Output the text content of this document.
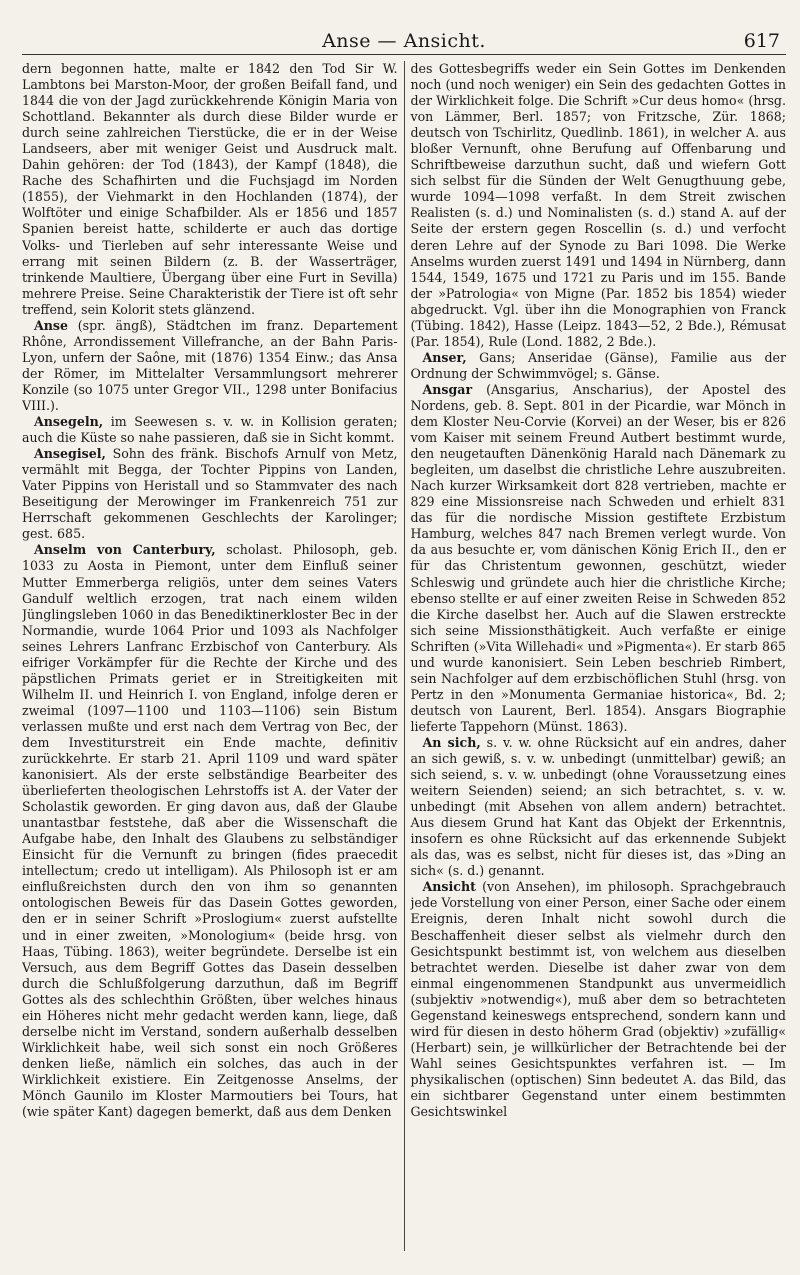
Anse — Ansicht.	617

dern begonnen hatte, malte er 1842 den Tod Sir W. Lambtons bei Marston-Moor, der großen Beifall fand, und 1844 die von der Jagd zurückkehrende Königin Maria von Schottland. Bekannter als durch diese Bilder wurde er durch seine zahlreichen Tierstücke, die er in der Weise Landseers, aber mit weniger Geist und Ausdruck malt. Dahin gehören: der Tod (1843), der Kampf (1848), die Rache des Schafhirten und die Fuchsjagd im Norden (1855), der Viehmarkt in den Hochlanden (1874), der Wolftöter und einige Schafbilder. Als er 1856 und 1857 Spanien bereist hatte, schilderte er auch das dortige Volks- und Tierleben auf sehr interessante Weise und errang mit seinen Bildern (z. B. der Wasserträger, trinkende Maultiere, Übergang über eine Furt in Sevilla) mehrere Preise. Seine Charakteristik der Tiere ist oft sehr treffend, sein Kolorit stets glänzend.

Anse (spr. ängß), Städtchen im franz. Departement Rhône, Arrondissement Villefranche, an der Bahn Paris-Lyon, unfern der Saône, mit (1876) 1354 Einw.; das Ansa der Römer, im Mittelalter Versammlungsort mehrerer Konzile (so 1075 unter Gregor VII., 1298 unter Bonifacius VIII.).

Ansegeln, im Seewesen s. v. w. in Kollision geraten; auch die Küste so nahe passieren, daß sie in Sicht kommt.

Ansegisel, Sohn des fränk. Bischofs Arnulf von Metz, vermählt mit Begga, der Tochter Pippins von Landen, Vater Pippins von Heristall und so Stammvater des nach Beseitigung der Merowinger im Frankenreich 751 zur Herrschaft gekommenen Geschlechts der Karolinger; gest. 685.

Anselm von Canterbury, scholast. Philosoph, geb. 1033 zu Aosta in Piemont, unter dem Einfluß seiner Mutter Emmerberga religiös, unter dem seines Vaters Gandulf weltlich erzogen, trat nach einem wilden Jünglingsleben 1060 in das Benediktinerkloster Bec in der Normandie, wurde 1064 Prior und 1093 als Nachfolger seines Lehrers Lanfranc Erzbischof von Canterbury. Als eifriger Vorkämpfer für die Rechte der Kirche und des päpstlichen Primats geriet er in Streitigkeiten mit Wilhelm II. und Heinrich I. von England, infolge deren er zweimal (1097—1100 und 1103—1106) sein Bistum verlassen mußte und erst nach dem Vertrag von Bec, der dem Investiturstreit ein Ende machte, definitiv zurückkehrte. Er starb 21. April 1109 und ward später kanonisiert. Als der erste selbständige Bearbeiter des überlieferten theologischen Lehrstoffs ist A. der Vater der Scholastik geworden. Er ging davon aus, daß der Glaube unantastbar feststehe, daß aber die Wissenschaft die Aufgabe habe, den Inhalt des Glaubens zu selbständiger Einsicht für die Vernunft zu bringen (fides praecedit intellectum; credo ut intelligam). Als Philosoph ist er am einflußreichsten durch den von ihm so genannten ontologischen Beweis für das Dasein Gottes geworden, den er in seiner Schrift »Proslogium« zuerst aufstellte und in einer zweiten, »Monologium« (beide hrsg. von Haas, Tübing. 1863), weiter begründete. Derselbe ist ein Versuch, aus dem Begriff Gottes das Dasein desselben durch die Schlußfolgerung darzuthun, daß im Begriff Gottes als des schlechthin Größten, über welches hinaus ein Höheres nicht mehr gedacht werden kann, liege, daß derselbe nicht im Verstand, sondern außerhalb desselben Wirklichkeit habe, weil sich sonst ein noch Größeres denken ließe, nämlich ein solches, das auch in der Wirklichkeit existiere. Ein Zeitgenosse Anselms, der Mönch Gaunilo im Kloster Marmoutiers bei Tours, hat (wie später Kant) dagegen bemerkt, daß aus dem Denken

des Gottesbegriffs weder ein Sein Gottes im Denkenden noch (und noch weniger) ein Sein des gedachten Gottes in der Wirklichkeit folge. Die Schrift »Cur deus homo« (hrsg. von Lämmer, Berl. 1857; von Fritzsche, Zür. 1868; deutsch von Tschirlitz, Quedlinb. 1861), in welcher A. aus bloßer Vernunft, ohne Berufung auf Offenbarung und Schriftbeweise darzuthun sucht, daß und wiefern Gott sich selbst für die Sünden der Welt Genugthuung gebe, wurde 1094—1098 verfaßt. In dem Streit zwischen Realisten (s. d.) und Nominalisten (s. d.) stand A. auf der Seite der erstern gegen Roscellin (s. d.) und verfocht deren Lehre auf der Synode zu Bari 1098. Die Werke Anselms wurden zuerst 1491 und 1494 in Nürnberg, dann 1544, 1549, 1675 und 1721 zu Paris und im 155. Bande der »Patrologia« von Migne (Par. 1852 bis 1854) wieder abgedruckt. Vgl. über ihn die Monographien von Franck (Tübing. 1842), Hasse (Leipz. 1843—52, 2 Bde.), Rémusat (Par. 1854), Rule (Lond. 1882, 2 Bde.).

Anser, Gans; Anseridae (Gänse), Familie aus der Ordnung der Schwimmvögel; s. Gänse.

Ansgar (Ansgarius, Anscharius), der Apostel des Nordens, geb. 8. Sept. 801 in der Picardie, war Mönch in dem Kloster Neu-Corvie (Korvei) an der Weser, bis er 826 vom Kaiser mit seinem Freund Autbert bestimmt wurde, den neugetauften Dänenkönig Harald nach Dänemark zu begleiten, um daselbst die christliche Lehre auszubreiten. Nach kurzer Wirksamkeit dort 828 vertrieben, machte er 829 eine Missionsreise nach Schweden und erhielt 831 das für die nordische Mission gestiftete Erzbistum Hamburg, welches 847 nach Bremen verlegt wurde. Von da aus besuchte er, vom dänischen König Erich II., den er für das Christentum gewonnen, geschützt, wieder Schleswig und gründete auch hier die christliche Kirche; ebenso stellte er auf einer zweiten Reise in Schweden 852 die Kirche daselbst her. Auch auf die Slawen erstreckte sich seine Missionsthätigkeit. Auch verfaßte er einige Schriften (»Vita Willehadi« und »Pigmenta«). Er starb 865 und wurde kanonisiert. Sein Leben beschrieb Rimbert, sein Nachfolger auf dem erzbischöflichen Stuhl (hrsg. von Pertz in den »Monumenta Germaniae historica«, Bd. 2; deutsch von Laurent, Berl. 1854). Ansgars Biographie lieferte Tappehorn (Münst. 1863).

An sich, s. v. w. ohne Rücksicht auf ein andres, daher an sich gewiß, s. v. w. unbedingt (unmittelbar) gewiß; an sich seiend, s. v. w. unbedingt (ohne Voraussetzung eines weitern Seienden) seiend; an sich betrachtet, s. v. w. unbedingt (mit Absehen von allem andern) betrachtet. Aus diesem Grund hat Kant das Objekt der Erkenntnis, insofern es ohne Rücksicht auf das erkennende Subjekt als das, was es selbst, nicht für dieses ist, das »Ding an sich« (s. d.) genannt.

Ansicht (von Ansehen), im philosoph. Sprachgebrauch jede Vorstellung von einer Person, einer Sache oder einem Ereignis, deren Inhalt nicht sowohl durch die Beschaffenheit dieser selbst als vielmehr durch den Gesichtspunkt bestimmt ist, von welchem aus dieselben betrachtet werden. Dieselbe ist daher zwar von dem einmal eingenommenen Standpunkt aus unvermeidlich (subjektiv »notwendig«), muß aber dem so betrachteten Gegenstand keineswegs entsprechend, sondern kann und wird für diesen in desto höherm Grad (objektiv) »zufällig« (Herbart) sein, je willkürlicher der Betrachtende bei der Wahl seines Gesichtspunktes verfahren ist. — Im physikalischen (optischen) Sinn bedeutet A. das Bild, das ein sichtbarer Gegenstand unter einem bestimmten Gesichtswinkel
